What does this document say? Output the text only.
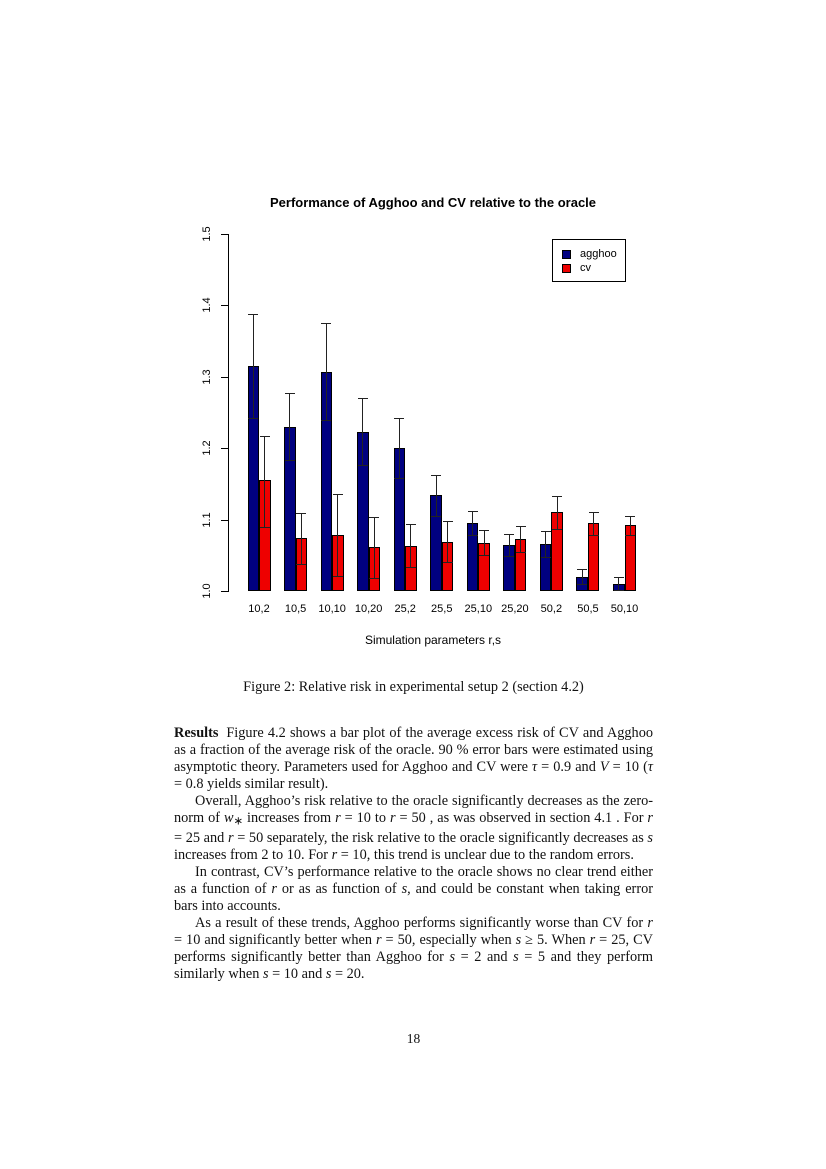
Performance of Agghoo and CV relative to the oracle
agghoo
cv
Simulation parameters r,s
1.0
1.1
1.2
1.3
1.4
1.5
10,2	10,5	10,10 10,20	25,2	25,5	25,10 25,20	50,2	50,5	50,10
Figure 2: Relative risk in experimental setup 2 (section 4.2)

Results Figure 4.2 shows a bar plot of the average excess risk of CV and Agghoo as a fraction of the average risk of the oracle. 90 % error bars were estimated using asymptotic theory. Parameters used for Agghoo and CV were τ = 0.9 and V = 10 (τ = 0.8 yields similar result).

Overall, Agghoo’s risk relative to the oracle significantly decreases as the zero-norm of w∗ increases from r = 10 to r = 50 , as was observed in section 4.1 . For r = 25 and r = 50 separately, the risk relative to the oracle significantly decreases as s increases from 2 to 10. For r = 10, this trend is unclear due to the random errors.

In contrast, CV’s performance relative to the oracle shows no clear trend either as a function of r or as as function of s, and could be constant when taking error bars into accounts.

As a result of these trends, Agghoo performs significantly worse than CV for r = 10 and significantly better when r = 50, especially when s ≥ 5. When r = 25, CV performs significantly better than Agghoo for s = 2 and s = 5 and they perform similarly when s = 10 and s = 20.

18
